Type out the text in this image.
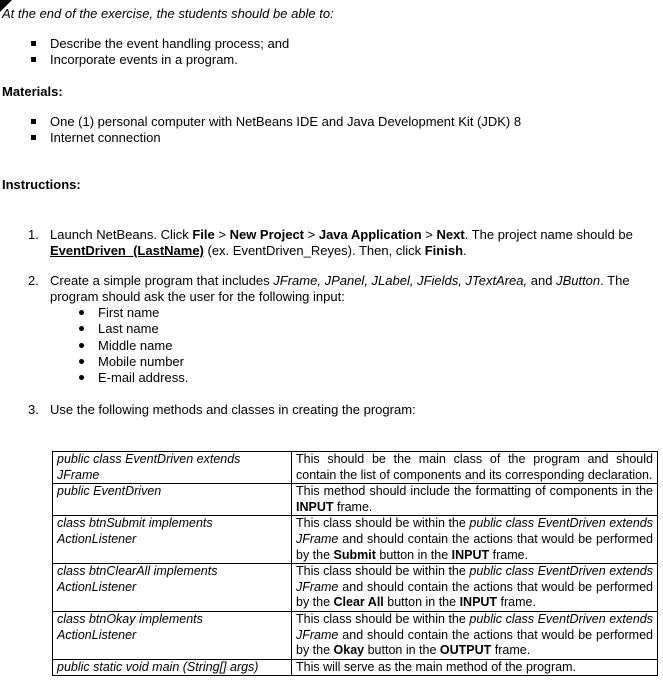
At the end of the exercise, the students should be able to:
Describe the event handling process; and
Incorporate events in a program.
Materials:
One (1) personal computer with NetBeans IDE and Java Development Kit (JDK) 8
Internet connection
Instructions:
1. Launch NetBeans. Click File > New Project > Java Application > Next. The project name should be
EventDriven_(LastName) (ex. EventDriven_Reyes). Then, click Finish.
2. Create a simple program that includes JFrame, JPanel, JLabel, JFields, JTextArea, and JButton. The
program should ask the user for the following input:
First name
Last name
Middle name
Mobile number
E-mail address.
3. Use the following methods and classes in creating the program:
public class EventDriven extends
JFrame	This should be the main class of the program and should contain the list of components and its corresponding declaration.
public EventDriven	This method should include the formatting of components in the INPUT frame.
class btnSubmit implements
ActionListener	This class should be within the public class EventDriven extends JFrame and should contain the actions that would be performed by the Submit button in the INPUT frame.
class btnClearAll implements
ActionListener	This class should be within the public class EventDriven extends JFrame and should contain the actions that would be performed by the Clear All button in the INPUT frame.
class btnOkay implements
ActionListener	This class should be within the public class EventDriven extends JFrame and should contain the actions that would be performed by the Okay button in the OUTPUT frame.
public static void main (String[] args)	This will serve as the main method of the program.
